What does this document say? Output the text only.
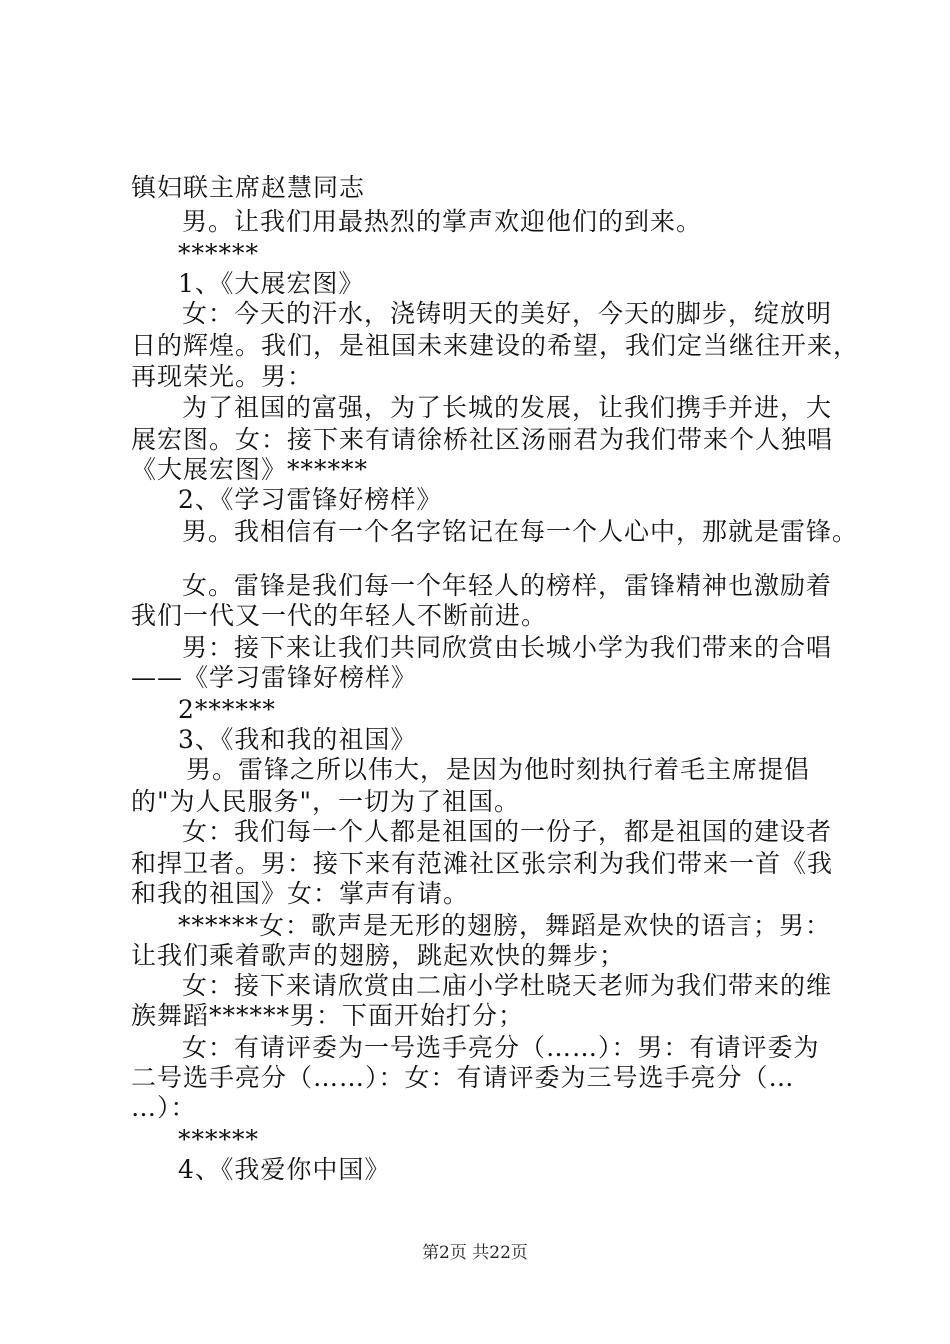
镇妇联主席赵慧同志
男。让我们用最热烈的掌声欢迎他们的到来。
******
1、《大展宏图》
女：今天的汗水，浇铸明天的美好，今天的脚步，绽放明
日的辉煌。我们，是祖国未来建设的希望，我们定当继往开来，
再现荣光。男：
为了祖国的富强，为了长城的发展，让我们携手并进，大
展宏图。女：接下来有请徐桥社区汤丽君为我们带来个人独唱
《大展宏图》******
2、《学习雷锋好榜样》
男。我相信有一个名字铭记在每一个人心中，那就是雷锋。
女。雷锋是我们每一个年轻人的榜样，雷锋精神也激励着
我们一代又一代的年轻人不断前进。
男：接下来让我们共同欣赏由长城小学为我们带来的合唱
——《学习雷锋好榜样》
2******
3、《我和我的祖国》
男。雷锋之所以伟大，是因为他时刻执行着毛主席提倡
的"为人民服务"，一切为了祖国。
女：我们每一个人都是祖国的一份子，都是祖国的建设者
和捍卫者。男：接下来有范滩社区张宗利为我们带来一首《我
和我的祖国》女：掌声有请。
******女：歌声是无形的翅膀，舞蹈是欢快的语言；男：
让我们乘着歌声的翅膀，跳起欢快的舞步；
女：接下来请欣赏由二庙小学杜晓天老师为我们带来的维
族舞蹈******男：下面开始打分；
女：有请评委为一号选手亮分（……）：男：有请评委为
二号选手亮分（……）：女：有请评委为三号选手亮分（…
…）：
******
4、《我爱你中国》
第2页 共22页
